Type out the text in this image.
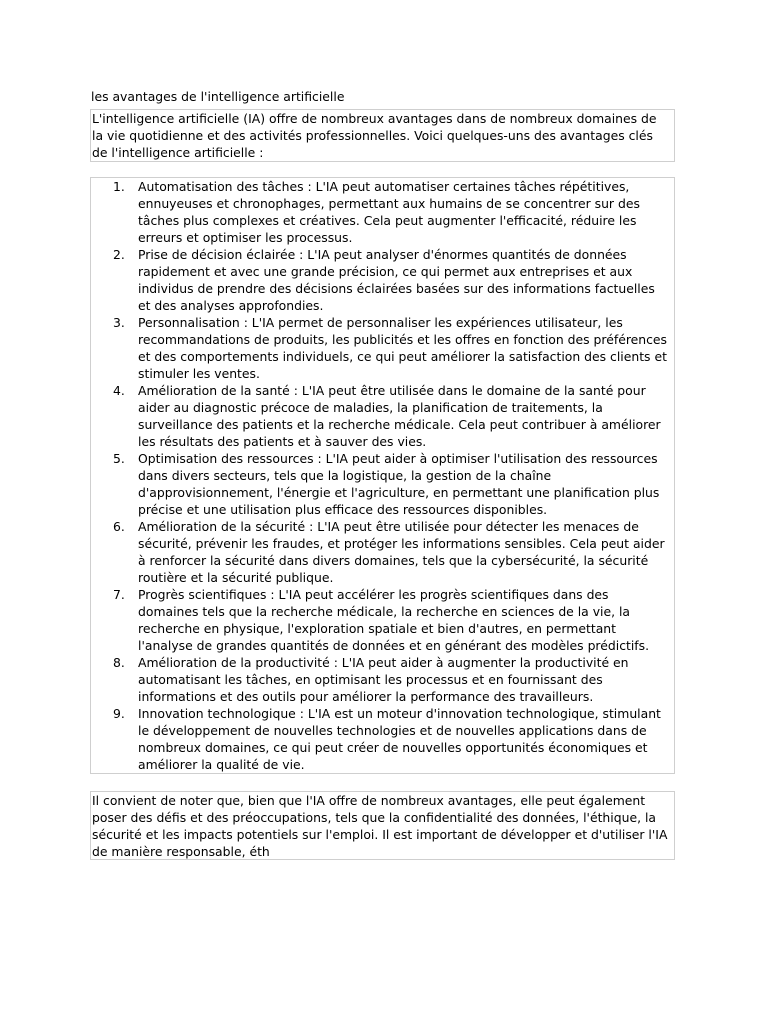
les avantages de l'intelligence artificielle

L'intelligence artificielle (IA) offre de nombreux avantages dans de nombreux domaines de la vie quotidienne et des activités professionnelles. Voici quelques-uns des avantages clés de l'intelligence artificielle :

1.	Automatisation des tâches : L'IA peut automatiser certaines tâches répétitives, ennuyeuses et chronophages, permettant aux humains de se concentrer sur des tâches plus complexes et créatives. Cela peut augmenter l'efficacité, réduire les erreurs et optimiser les processus.
2.	Prise de décision éclairée : L'IA peut analyser d'énormes quantités de données rapidement et avec une grande précision, ce qui permet aux entreprises et aux individus de prendre des décisions éclairées basées sur des informations factuelles et des analyses approfondies.
3.	Personnalisation : L'IA permet de personnaliser les expériences utilisateur, les recommandations de produits, les publicités et les offres en fonction des préférences et des comportements individuels, ce qui peut améliorer la satisfaction des clients et stimuler les ventes.
4.	Amélioration de la santé : L'IA peut être utilisée dans le domaine de la santé pour aider au diagnostic précoce de maladies, la planification de traitements, la surveillance des patients et la recherche médicale. Cela peut contribuer à améliorer les résultats des patients et à sauver des vies.
5.	Optimisation des ressources : L'IA peut aider à optimiser l'utilisation des ressources dans divers secteurs, tels que la logistique, la gestion de la chaîne d'approvisionnement, l'énergie et l'agriculture, en permettant une planification plus précise et une utilisation plus efficace des ressources disponibles.
6.	Amélioration de la sécurité : L'IA peut être utilisée pour détecter les menaces de sécurité, prévenir les fraudes, et protéger les informations sensibles. Cela peut aider à renforcer la sécurité dans divers domaines, tels que la cybersécurité, la sécurité routière et la sécurité publique.
7.	Progrès scientifiques : L'IA peut accélérer les progrès scientifiques dans des domaines tels que la recherche médicale, la recherche en sciences de la vie, la recherche en physique, l'exploration spatiale et bien d'autres, en permettant l'analyse de grandes quantités de données et en générant des modèles prédictifs.
8.	Amélioration de la productivité : L'IA peut aider à augmenter la productivité en automatisant les tâches, en optimisant les processus et en fournissant des informations et des outils pour améliorer la performance des travailleurs.
9.	Innovation technologique : L'IA est un moteur d'innovation technologique, stimulant le développement de nouvelles technologies et de nouvelles applications dans de nombreux domaines, ce qui peut créer de nouvelles opportunités économiques et améliorer la qualité de vie.

Il convient de noter que, bien que l'IA offre de nombreux avantages, elle peut également poser des défis et des préoccupations, tels que la confidentialité des données, l'éthique, la sécurité et les impacts potentiels sur l'emploi. Il est important de développer et d'utiliser l'IA de manière responsable, éth
